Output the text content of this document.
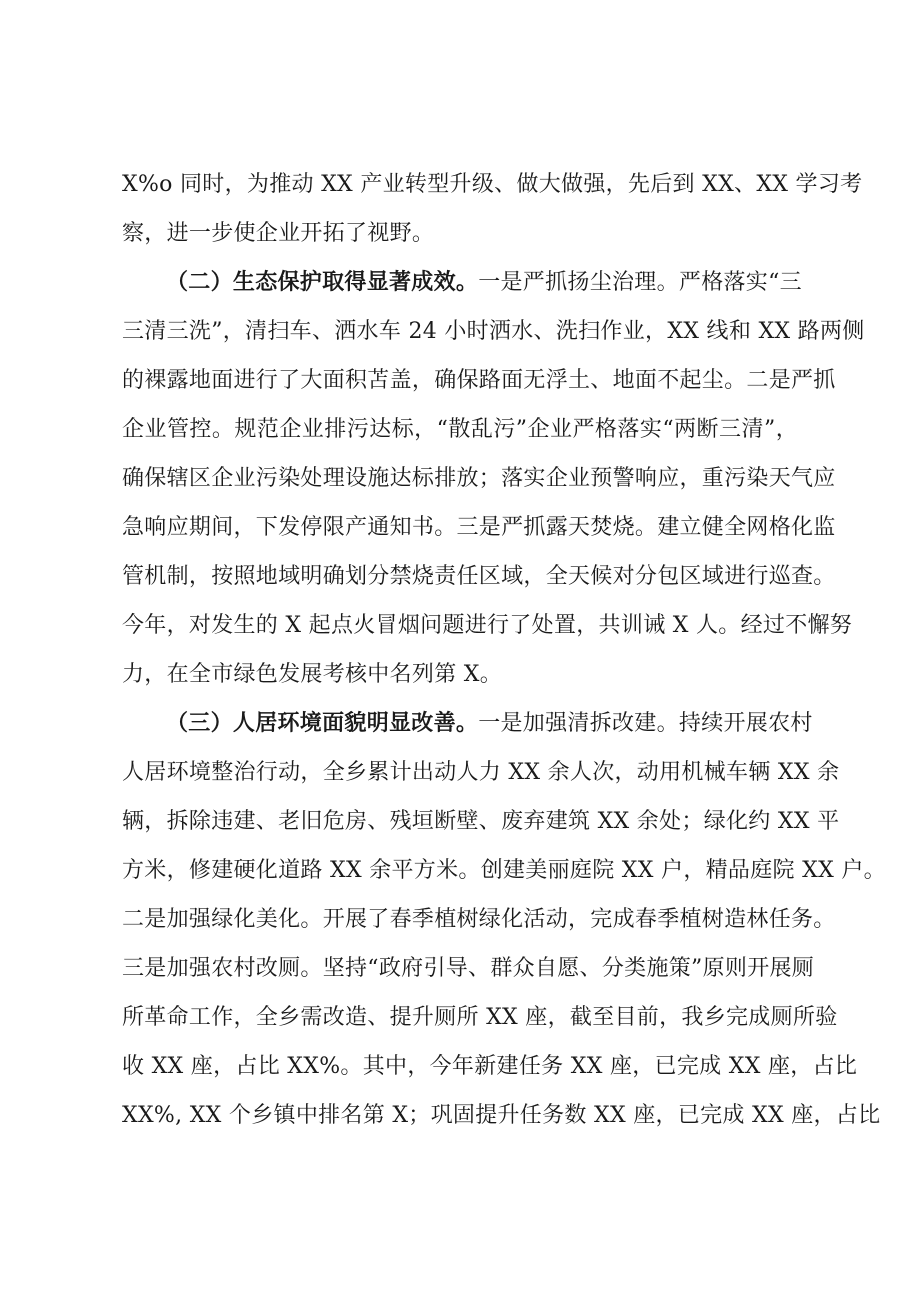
X%o 同时，为推动 XX 产业转型升级、做大做强，先后到 XX、XX 学习考
察，进一步使企业开拓了视野。
（二）生态保护取得显著成效。一是严抓扬尘治理。严格落实“三
三清三洗”，清扫车、洒水车 24 小时洒水、洗扫作业，XX 线和 XX 路两侧
的裸露地面进行了大面积苫盖，确保路面无浮土、地面不起尘。二是严抓
企业管控。规范企业排污达标，“散乱污”企业严格落实“两断三清”，
确保辖区企业污染处理设施达标排放；落实企业预警响应，重污染天气应
急响应期间，下发停限产通知书。三是严抓露天焚烧。建立健全网格化监
管机制，按照地域明确划分禁烧责任区域，全天候对分包区域进行巡查。
今年，对发生的 X 起点火冒烟问题进行了处置，共训诫 X 人。经过不懈努
力，在全市绿色发展考核中名列第 X。
（三）人居环境面貌明显改善。一是加强清拆改建。持续开展农村
人居环境整治行动，全乡累计出动人力 XX 余人次，动用机械车辆 XX 余
辆，拆除违建、老旧危房、残垣断壁、废弃建筑 XX 余处；绿化约 XX 平
方米，修建硬化道路 XX 余平方米。创建美丽庭院 XX 户，精品庭院 XX 户。
二是加强绿化美化。开展了春季植树绿化活动，完成春季植树造林任务。
三是加强农村改厕。坚持“政府引导、群众自愿、分类施策”原则开展厕
所革命工作，全乡需改造、提升厕所 XX 座，截至目前，我乡完成厕所验
收 XX 座，占比 XX%。其中，今年新建任务 XX 座，已完成 XX 座，占比
XX%, XX 个乡镇中排名第 X；巩固提升任务数 XX 座，已完成 XX 座，占比
